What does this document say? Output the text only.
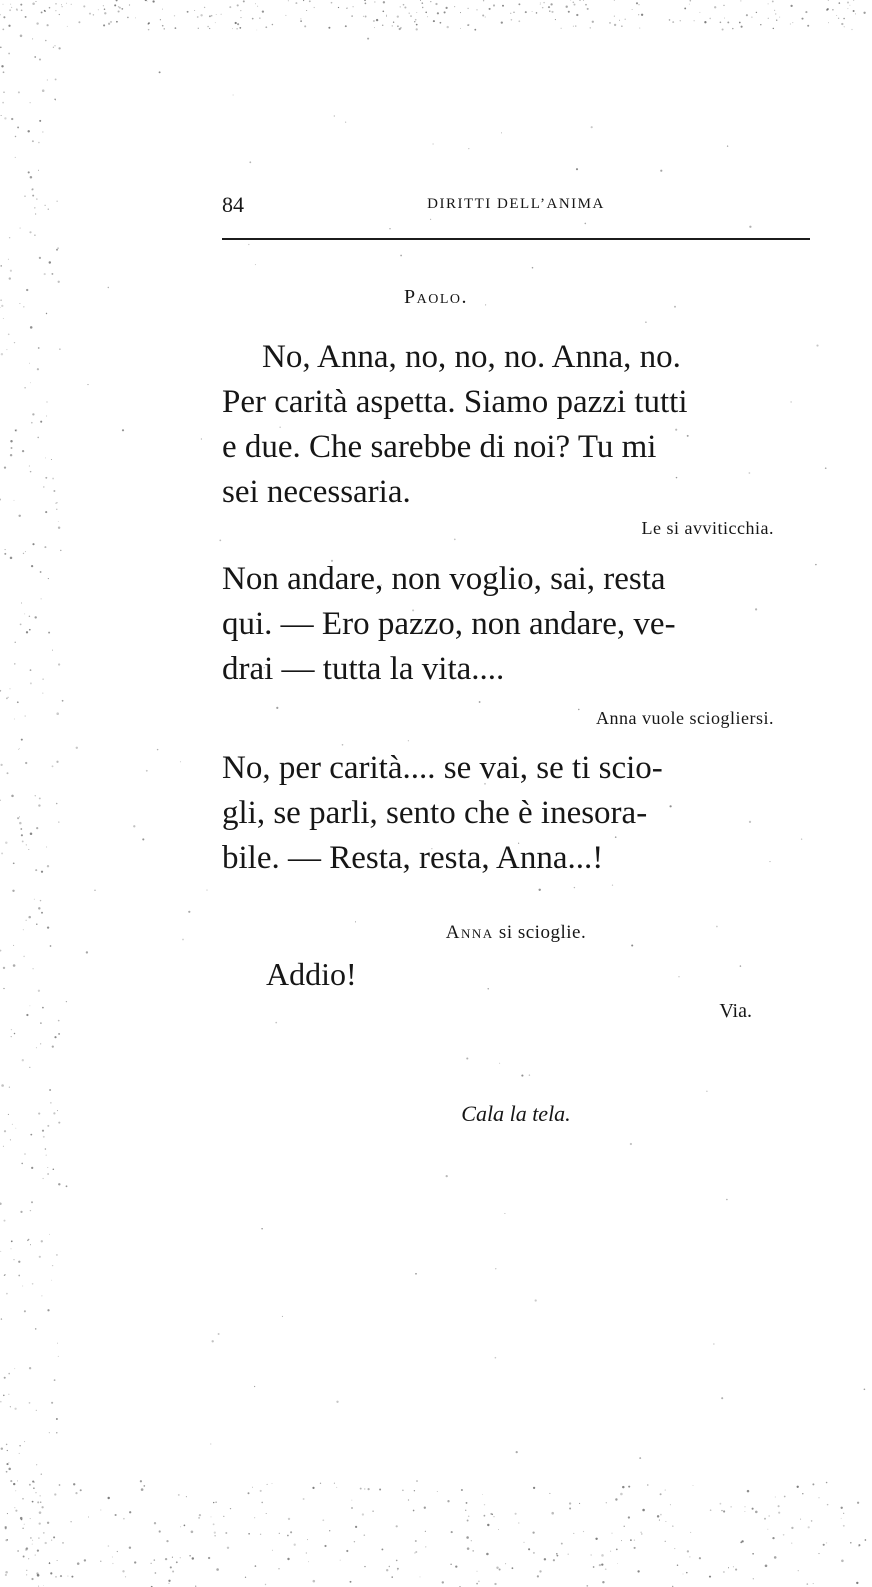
84	DIRITTI DELL’ANIMA
Paolo.
No, Anna, no, no, no. Anna, no.
Per carità aspetta. Siamo pazzi tutti
e due. Che sarebbe di noi? Tu mi
sei necessaria.
Le si avviticchia.
Non andare, non voglio, sai, resta
qui. — Ero pazzo, non andare, ve-
drai — tutta la vita....
Anna vuole sciogliersi.
No, per carità.... se vai, se ti scio-
gli, se parli, sento che è inesora-
bile. — Resta, resta, Anna...!
Anna si scioglie.
Addio!
Via.
Cala la tela.
